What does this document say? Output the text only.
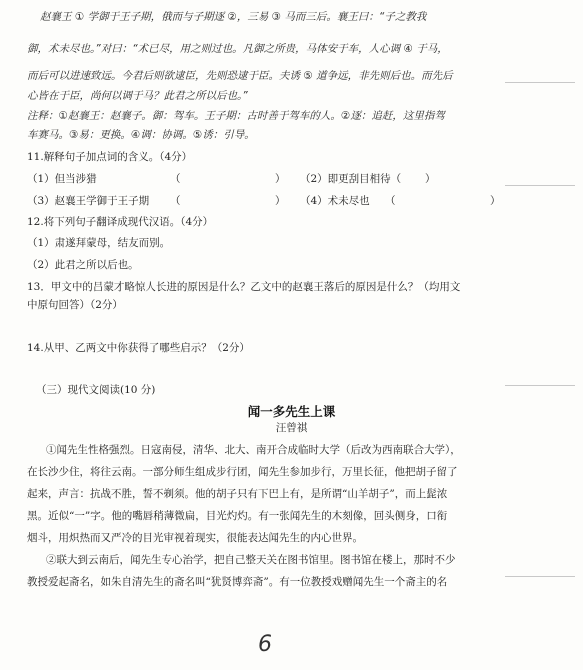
赵襄王 ① 学御于王子期，俄而与子期逐 ②，三易 ③ 马而三后。襄王曰：“子之教我
御，术未尽也。”对曰：“术已尽，用之则过也。凡御之所贵，马体安于车，人心调 ④ 于马，
而后可以进速致远。今君后则欲逮臣，先则恐逮于臣。夫诱 ⑤ 道争远，非先则后也。而先后
心皆在于臣，尚何以调于马？此君之所以后也。”
注释：①赵襄王：赵襄子。御：驾车。王子期：古时善于驾车的人。②逐：追赶，这里指驾
车赛马。③易：更换。④调：协调。⑤诱：引导。
11.解释句子加点词的含义。（4分）
（1）但当涉猎	（　　　　　　　　　） （2）即更刮目相待（ ）
（3）赵襄王学御于王子期 （　　　　　　　　　） （4）术未尽也 （　　　　　　　　　）
12.将下列句子翻译成现代汉语。（4分）
（1）肃遂拜蒙母，结友而别。
（2）此君之所以后也。
13．甲文中的吕蒙才略惊人长进的原因是什么？乙文中的赵襄王落后的原因是什么？（均用文
中原句回答）（2分）
14.从甲、乙两文中你获得了哪些启示？（2分）
（三）现代文阅读(10 分)
闻一多先生上课
汪曾祺
①闻先生性格强烈。日寇南侵，清华、北大、南开合成临时大学（后改为西南联合大学），
在长沙少住，将往云南。一部分师生组成步行团，闻先生参加步行，万里长征，他把胡子留了
起来，声言：抗战不胜，誓不剃须。他的胡子只有下巴上有，是所谓“山羊胡子”，而上髭浓
黑。近似“一”字。他的嘴唇稍薄微扁，目光灼灼。有一张闻先生的木刻像，回头侧身，口衔
烟斗，用炽热而又严冷的目光审视着现实，很能表达闻先生的内心世界。
②联大到云南后，闻先生专心治学，把自己整天关在图书馆里。图书馆在楼上，那时不少
教授爱起斋名，如朱自清先生的斋名叫“犹贤博弈斋”。有一位教授戏赠闻先生一个斋主的名
6
